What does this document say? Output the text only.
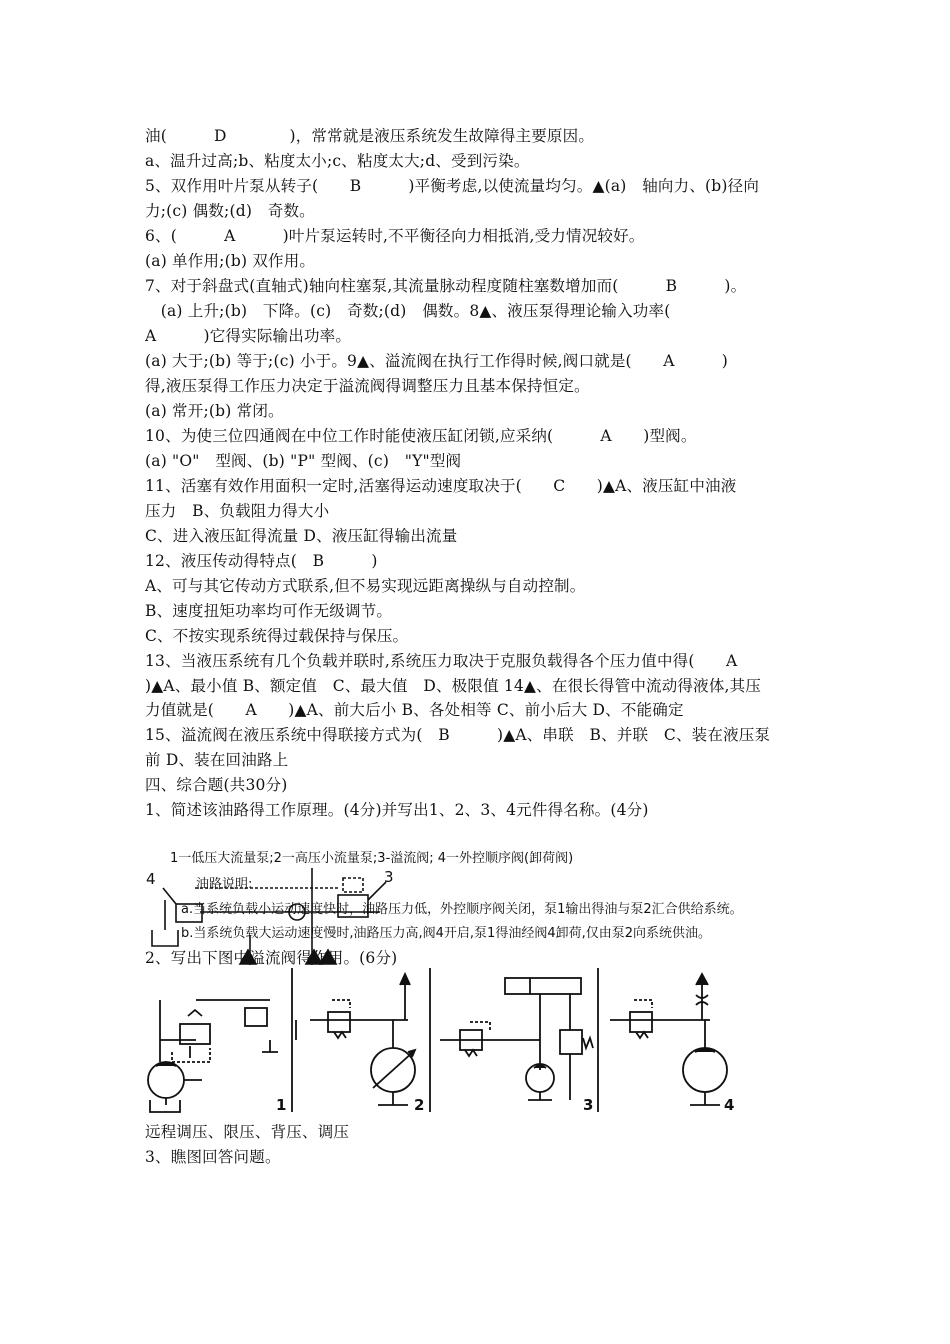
油(　　　D　　　　)，常常就是液压系统发生故障得主要原因。
a、温升过高;b、粘度太小;c、粘度太大;d、受到污染。
5、双作用叶片泵从转子(　　B　　　)平衡考虑,以使流量均匀。▲(a)　轴向力、(b)径向
力;(c) 偶数;(d)　奇数。
6、(　　　A　　　)叶片泵运转时,不平衡径向力相抵消,受力情况较好。
(a) 单作用;(b) 双作用。
7、对于斜盘式(直轴式)轴向柱塞泵,其流量脉动程度随柱塞数增加而(　　　B　　　)。
　(a) 上升;(b)　下降。(c)　奇数;(d)　偶数。8▲、液压泵得理论输入功率(
A　　　)它得实际输出功率。
(a) 大于;(b) 等于;(c) 小于。9▲、溢流阀在执行工作得时候,阀口就是(　　A　　　)
得,液压泵得工作压力决定于溢流阀得调整压力且基本保持恒定。
(a) 常开;(b) 常闭。
10、为使三位四通阀在中位工作时能使液压缸闭锁,应采纳(　　　A　　)型阀。
(a) "O"　型阀、(b) "P" 型阀、(c)　"Y"型阀
11、活塞有效作用面积一定时,活塞得运动速度取决于(　　C　　)▲A、液压缸中油液
压力　B、负载阻力得大小
C、进入液压缸得流量 D、液压缸得输出流量
12、液压传动得特点(　B　　　)
A、可与其它传动方式联系,但不易实现远距离操纵与自动控制。
B、速度扭矩功率均可作无级调节。
C、不按实现系统得过载保持与保压。
13、当液压系统有几个负载并联时,系统压力取决于克服负载得各个压力值中得(　　A
)▲A、最小值 B、额定值　C、最大值　D、极限值 14▲、在很长得管中流动得液体,其压
力值就是(　　A　　)▲A、前大后小 B、各处相等 C、前小后大 D、不能确定
15、溢流阀在液压系统中得联接方式为(　B　　　)▲A、串联　B、并联　C、装在液压泵
前 D、装在回油路上
四、综合题(共30分)
1、简述该油路得工作原理。(4分)并写出1、2、3、4元件得名称。(4分)
1一低压大流量泵;2一高压小流量泵;3-溢流阀; 4一外控顺序阀(卸荷阀)
4	3
油路说明:
a.当系统负载小运动速度快时，油路压力低，外控顺序阀关闭，泵1输出得油与泵2汇合供给系统。
b.当系统负载大运动速度慢时,油路压力高,阀4开启,泵1得油经阀4卸荷,仅由泵2向系统供油。
2、写出下图中溢流阀得作用。(6分)
1	2	3	4
远程调压、限压、背压、调压
3、瞧图回答问题。
